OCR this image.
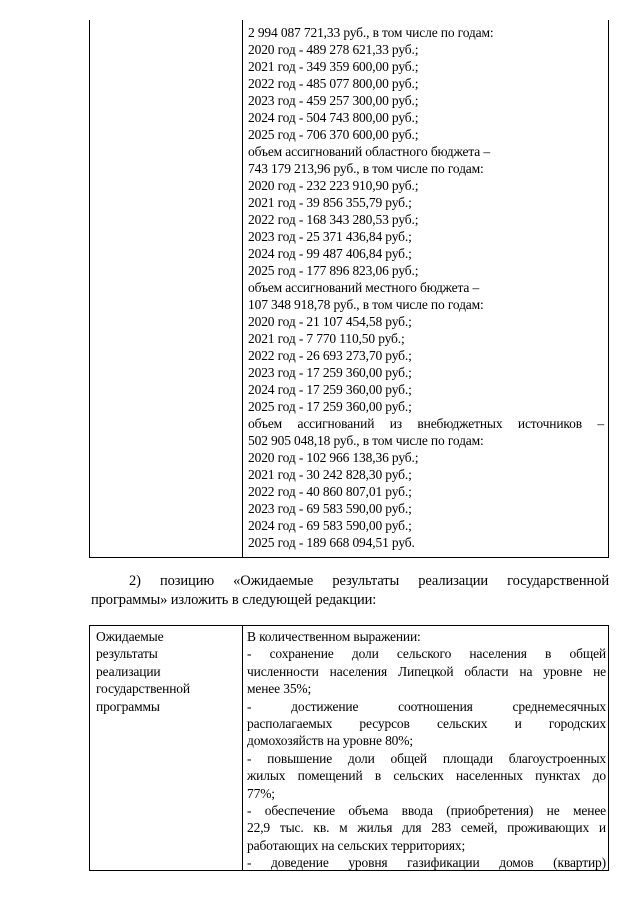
2 994 087 721,33 руб., в том числе по годам:
2020 год - 489 278 621,33 руб.;
2021 год - 349 359 600,00 руб.;
2022 год - 485 077 800,00 руб.;
2023 год - 459 257 300,00 руб.;
2024 год - 504 743 800,00 руб.;
2025 год - 706 370 600,00 руб.;
объем ассигнований областного бюджета –
743 179 213,96 руб., в том числе по годам:
2020 год - 232 223 910,90 руб.;
2021 год - 39 856 355,79 руб.;
2022 год - 168 343 280,53 руб.;
2023 год - 25 371 436,84 руб.;
2024 год - 99 487 406,84 руб.;
2025 год - 177 896 823,06 руб.;
объем ассигнований местного бюджета –
107 348 918,78 руб., в том числе по годам:
2020 год - 21 107 454,58 руб.;
2021 год - 7 770 110,50 руб.;
2022 год - 26 693 273,70 руб.;
2023 год - 17 259 360,00 руб.;
2024 год - 17 259 360,00 руб.;
2025 год - 17 259 360,00 руб.;
объем ассигнований из внебюджетных источников –
502 905 048,18 руб., в том числе по годам:
2020 год - 102 966 138,36 руб.;
2021 год - 30 242 828,30 руб.;
2022 год - 40 860 807,01 руб.;
2023 год - 69 583 590,00 руб.;
2024 год - 69 583 590,00 руб.;
2025 год - 189 668 094,51 руб.
2) позицию «Ожидаемые результаты реализации государственной
программы» изложить в следующей редакции:
Ожидаемые
результаты
реализации
государственной
программы
В количественном выражении:
- сохранение доли сельского населения в общей
численности населения Липецкой области на уровне не
менее 35%;
- достижение соотношения среднемесячных
располагаемых ресурсов сельских и городских
домохозяйств на уровне 80%;
- повышение доли общей площади благоустроенных
жилых помещений в сельских населенных пунктах до
77%;
- обеспечение объема ввода (приобретения) не менее
22,9 тыс. кв. м жилья для 283 семей, проживающих и
работающих на сельских территориях;
- доведение уровня газификации домов (квартир)
